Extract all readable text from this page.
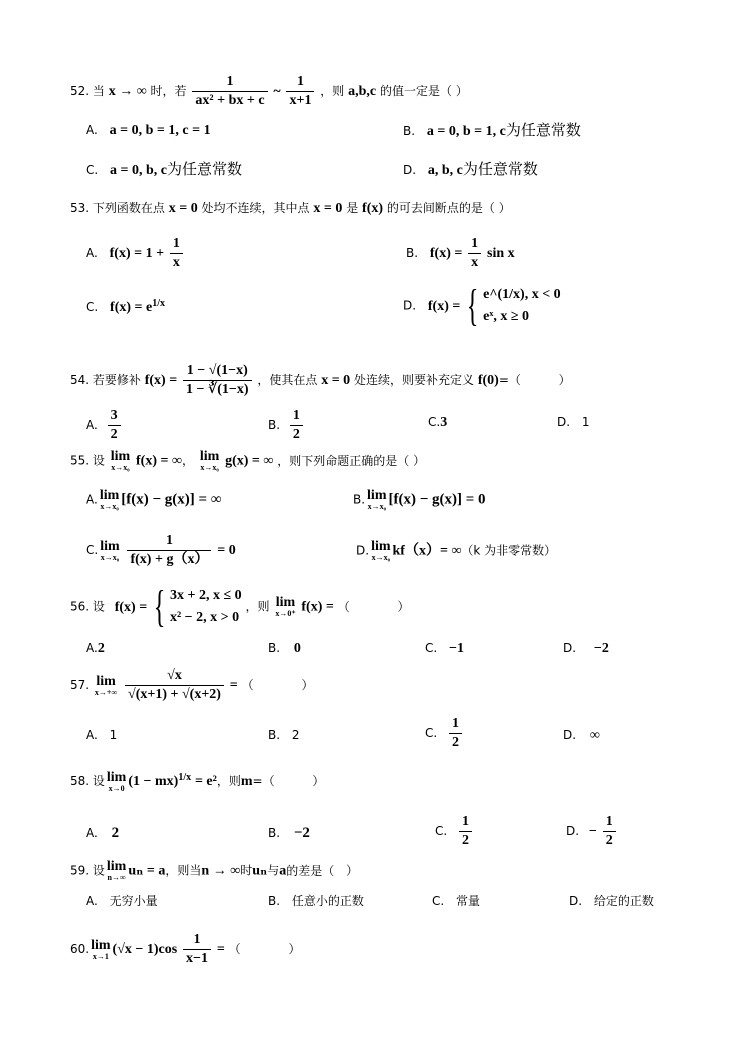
52. 当 x → ∞ 时，若 $\frac{1}{\text{ax² + bx + c}}$ ~ $\frac{1}{x+1}$ ，则 a,b,c 的值一定是（ ）
A. a = 0, b = 1, c = 1	B. a = 0, b = 1, c为任意常数
C. a = 0, b, c为任意常数	D. a, b, c为任意常数
53. 下列函数在点 x = 0 处均不连续，其中点 x = 0 是 f(x) 的可去间断点的是（ ）
A. $f(x) = 1 + \frac{1}{x}$	B. $f(x) = \frac{1}{x}$ sin x
C. $f(x) = e^{1/x}$	D. f(x) = { e^(1/x), x < 0
eˣ, x ≥ 0
54. 若要修补 $f(x) = \frac{1 - √(1-x)}{1 - ∛(1-x)}$ ，使其在点 x = 0 处连续，则要补充定义 f(0)=（	）
A. $\frac{3}{2}$	B. $\frac{1}{2}$	C.3	D. 1
55. 设 lim
x→x₀ f(x) = ∞， lim
x→x₀ g(x) = ∞ ，则下列命题正确的是（ ）
A. lim
x→x₀ [f(x) − g(x)] = ∞	B. lim
x→x₀ [f(x) − g(x)] = 0
C. lim
x→x₀
$\frac{1}{f(x) + g(x)} = 0$	D. lim
x→x₀ kf（x）= ∞（k 为非零常数）
56. 设 f(x) = { 3x + 2, x ≤ 0
x² − 2, x > 0
，则 lim
x→0⁺ f(x) = （	）
A.2	B. 0	C. −1	D. −2
57. lim
x→+∞
$\frac{√x}{√(x+1) + √(x+2)}$ = （	）
A. 1	B. 2	C. $\frac{1}{2}$	D. ∞
58. 设 lim
x→0 (1 − mx)$^{1/x}$ = e²，则m=（	）
A. 2	B. −2	C. $\frac{1}{2}$	D. − $\frac{1}{2}$
59. 设 lim
n→∞ uₙ = a，则当n → ∞时uₙ与a的差是（ ）
A. 无穷小量	B. 任意小的正数	C. 常量	D. 给定的正数
60. lim
x→1 $(√x - 1)\cos \frac{1}{x-1}$ = （	）
